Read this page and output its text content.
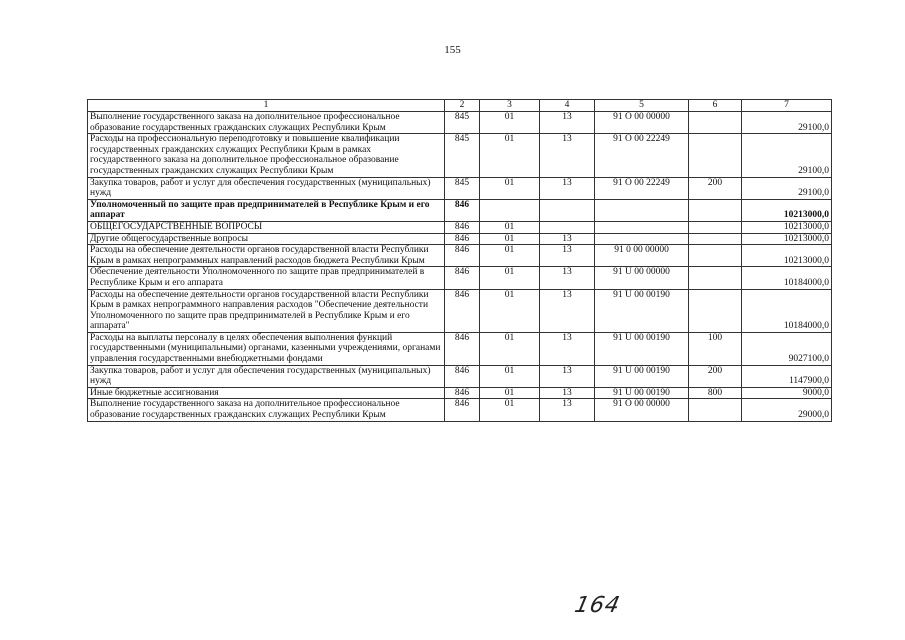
155
1	2	3	4	5	6	7
Выполнение государственного заказа на дополнительное профессиональное образование государственных гражданских служащих Республики Крым	845	01	13	91 О 00 00000		29100,0
Расходы на профессиональную переподготовку и повышение квалификации государственных гражданских служащих Республики Крым в рамках государственного заказа на дополнительное профессиональное образование государственных гражданских служащих Республики Крым	845	01	13	91 О 00 22249		29100,0
Закупка товаров, работ и услуг для обеспечения государственных (муниципальных) нужд	845	01	13	91 О 00 22249	200	29100,0
Уполномоченный по защите прав предпринимателей в Республике Крым и его аппарат	846					10213000,0
ОБЩЕГОСУДАРСТВЕННЫЕ ВОПРОСЫ	846	01				10213000,0
Другие общегосударственные вопросы	846	01	13			10213000,0
Расходы на обеспечение деятельности органов государственной власти Республики Крым в рамках непрограммных направлений расходов бюджета Республики Крым	846	01	13	91 0 00 00000		10213000,0
Обеспечение деятельности Уполномоченного по защите прав предпринимателей в Республике Крым и его аппарата	846	01	13	91 U 00 00000		10184000,0
Расходы на обеспечение деятельности органов государственной власти Республики Крым в рамках непрограммного направления расходов "Обеспечение деятельности Уполномоченного по защите прав предпринимателей в Республике Крым и его аппарата"	846	01	13	91 U 00 00190		10184000,0
Расходы на выплаты персоналу в целях обеспечения выполнения функций государственными (муниципальными) органами, казенными учреждениями, органами управления государственными внебюджетными фондами	846	01	13	91 U 00 00190	100	9027100,0
Закупка товаров, работ и услуг для обеспечения государственных (муниципальных) нужд	846	01	13	91 U 00 00190	200	1147900,0
Иные бюджетные ассигнования	846	01	13	91 U 00 00190	800	9000,0
Выполнение государственного заказа на дополнительное профессиональное образование государственных гражданских служащих Республики Крым	846	01	13	91 О 00 00000		29000,0
164
